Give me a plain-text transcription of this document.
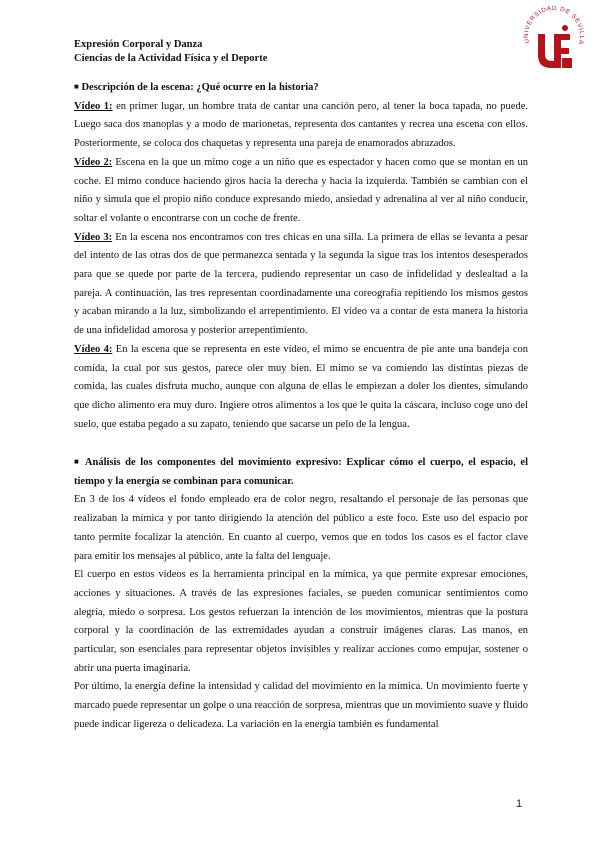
Expresión Corporal y Danza

Ciencias de la Actividad Física y el Deporte

UNIVERSIDAD DE SEVILLA

■ Descripción de la escena: ¿Qué ocurre en la historia?

Vídeo 1: en primer lugar, un hombre trata de cantar una canción pero, al tener la boca tapada, no puede. Luego saca dos manoplas y a modo de marionetas, representa dos cantantes y recrea una escena con ellos. Posteriormente, se coloca dos chaquetas y representa una pareja de enamorados abrazados.

Vídeo 2: Escena en la que un mimo coge a un niño que es espectador y hacen como que se montan en un coche. El mimo conduce haciendo giros hacia la derecha y hacia la izquierda. También se cambian con el niño y simula que el propio niño conduce expresando miedo, ansiedad y adrenalina al ver al niño conducir, soltar el volante o encontrarse con un coche de frente.

Vídeo 3: En la escena nos encontramos con tres chicas en una silla. La primera de ellas se levanta a pesar del intento de las otras dos de que permanezca sentada y la segunda la sigue tras los intentos desesperados para que se quede por parte de la tercera, pudiendo representar un caso de infidelidad y deslealtad a la pareja. A continuación, las tres representan coordinadamente una coreografía repitiendo los mismos gestos y acaban mirando a la luz, simbolizando el arrepentimiento. El vídeo va a contar de esta manera la historia de una infidelidad amorosa y posterior arrepentimiento.

Vídeo 4: En la escena que se representa en este vídeo, el mimo se encuentra de pie ante una bandeja con comida, la cual por sus gestos, parece oler muy bien. El mimo se va comiendo las distintas piezas de comida, las cuales disfruta mucho, aunque con alguna de ellas le empiezan a doler los dientes, simulando que dicho alimento era muy duro. Ingiere otros alimentos a los que le quita la cáscara, incluso coge uno del suelo, que estaba pegado a su zapato, teniendo que sacarse un pelo de la lengua.

■ Análisis de los componentes del movimiento expresivo: Explicar cómo el cuerpo, el espacio, el tiempo y la energía se combinan para comunicar.

En 3 de los 4 vídeos el fondo empleado era de color negro, resaltando el personaje de las personas que realizaban la mímica y por tanto dirigiendo la atención del público a este foco. Este uso del espacio por tanto permite focalizar la atención. En cuanto al cuerpo, vemos que en todos los casos es el factor clave para emitir los mensajes al público, ante la falta del lenguaje.

El cuerpo en estos vídeos es la herramienta principal en la mímica, ya que permite expresar emociones, acciones y situaciones. A través de las expresiones faciales, se pueden comunicar sentimientos como alegría, miedo o sorpresa. Los gestos refuerzan la intención de los movimientos, mientras que la postura corporal y la coordinación de las extremidades ayudan a construir imágenes claras. Las manos, en particular, son esenciales para representar objetos invisibles y realizar acciones como empujar, sostener o abrir una puerta imaginaria.

Por último, la energía define la intensidad y calidad del movimiento en la mímica. Un movimiento fuerte y marcado puede representar un golpe o una reacción de sorpresa, mientras que un movimiento suave y fluido puede indicar ligereza o delicadeza. La variación en la energía también es fundamental

1
